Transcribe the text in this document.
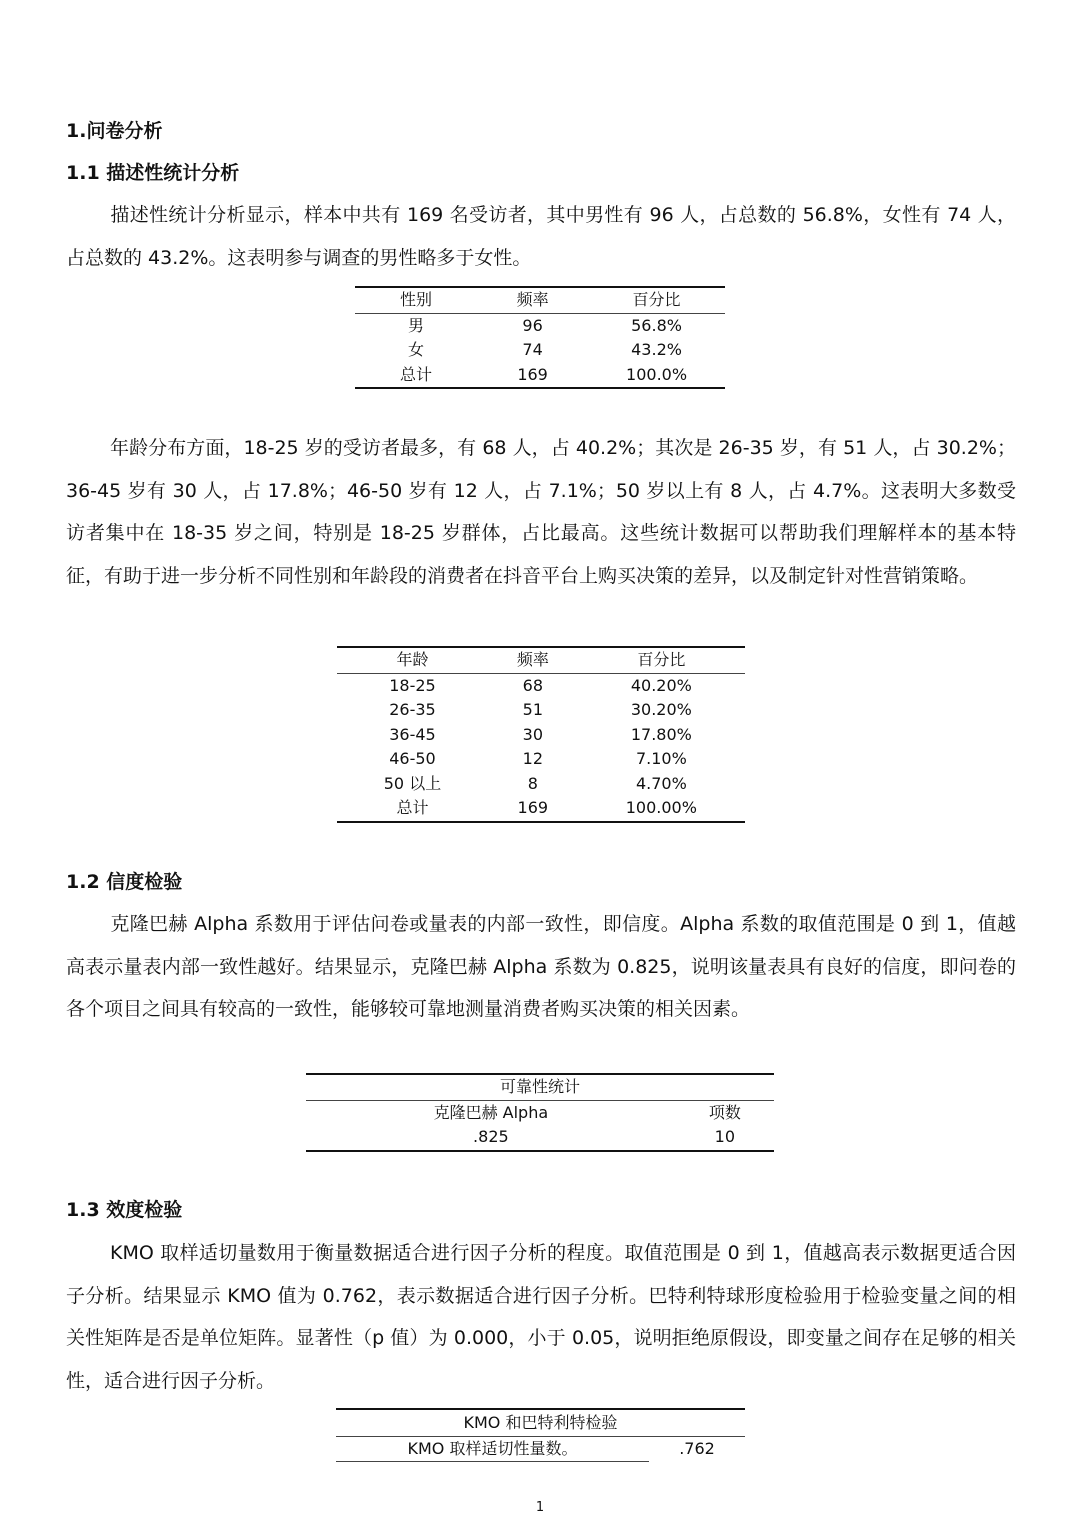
1.问卷分析
1.1 描述性统计分析
描述性统计分析显示，样本中共有 169 名受访者，其中男性有 96 人，占总数的 56.8%，女性有 74 人，占总数的 43.2%。这表明参与调查的男性略多于女性。
性别	频率	百分比
男	96	56.8%
女	74	43.2%
总计	169	100.0%
年龄分布方面，18-25 岁的受访者最多，有 68 人，占 40.2%；其次是 26-35 岁，有 51 人，占 30.2%；36-45 岁有 30 人，占 17.8%；46-50 岁有 12 人，占 7.1%；50 岁以上有 8 人，占 4.7%。这表明大多数受访者集中在 18-35 岁之间，特别是 18-25 岁群体，占比最高。这些统计数据可以帮助我们理解样本的基本特征，有助于进一步分析不同性别和年龄段的消费者在抖音平台上购买决策的差异，以及制定针对性营销策略。
年龄	频率	百分比
18-25	68	40.20%
26-35	51	30.20%
36-45	30	17.80%
46-50	12	7.10%
50 以上	8	4.70%
总计	169	100.00%
1.2 信度检验
克隆巴赫 Alpha 系数用于评估问卷或量表的内部一致性，即信度。Alpha 系数的取值范围是 0 到 1，值越高表示量表内部一致性越好。结果显示，克隆巴赫 Alpha 系数为 0.825，说明该量表具有良好的信度，即问卷的各个项目之间具有较高的一致性，能够较可靠地测量消费者购买决策的相关因素。
可靠性统计	
克隆巴赫 Alpha	项数
.825	10
1.3 效度检验
KMO 取样适切量数用于衡量数据适合进行因子分析的程度。取值范围是 0 到 1，值越高表示数据更适合因子分析。结果显示 KMO 值为 0.762，表示数据适合进行因子分析。巴特利特球形度检验用于检验变量之间的相关性矩阵是否是单位矩阵。显著性（p 值）为 0.000，小于 0.05，说明拒绝原假设，即变量之间存在足够的相关性，适合进行因子分析。
KMO 和巴特利特检验
KMO 取样适切性量数。	.762
1
